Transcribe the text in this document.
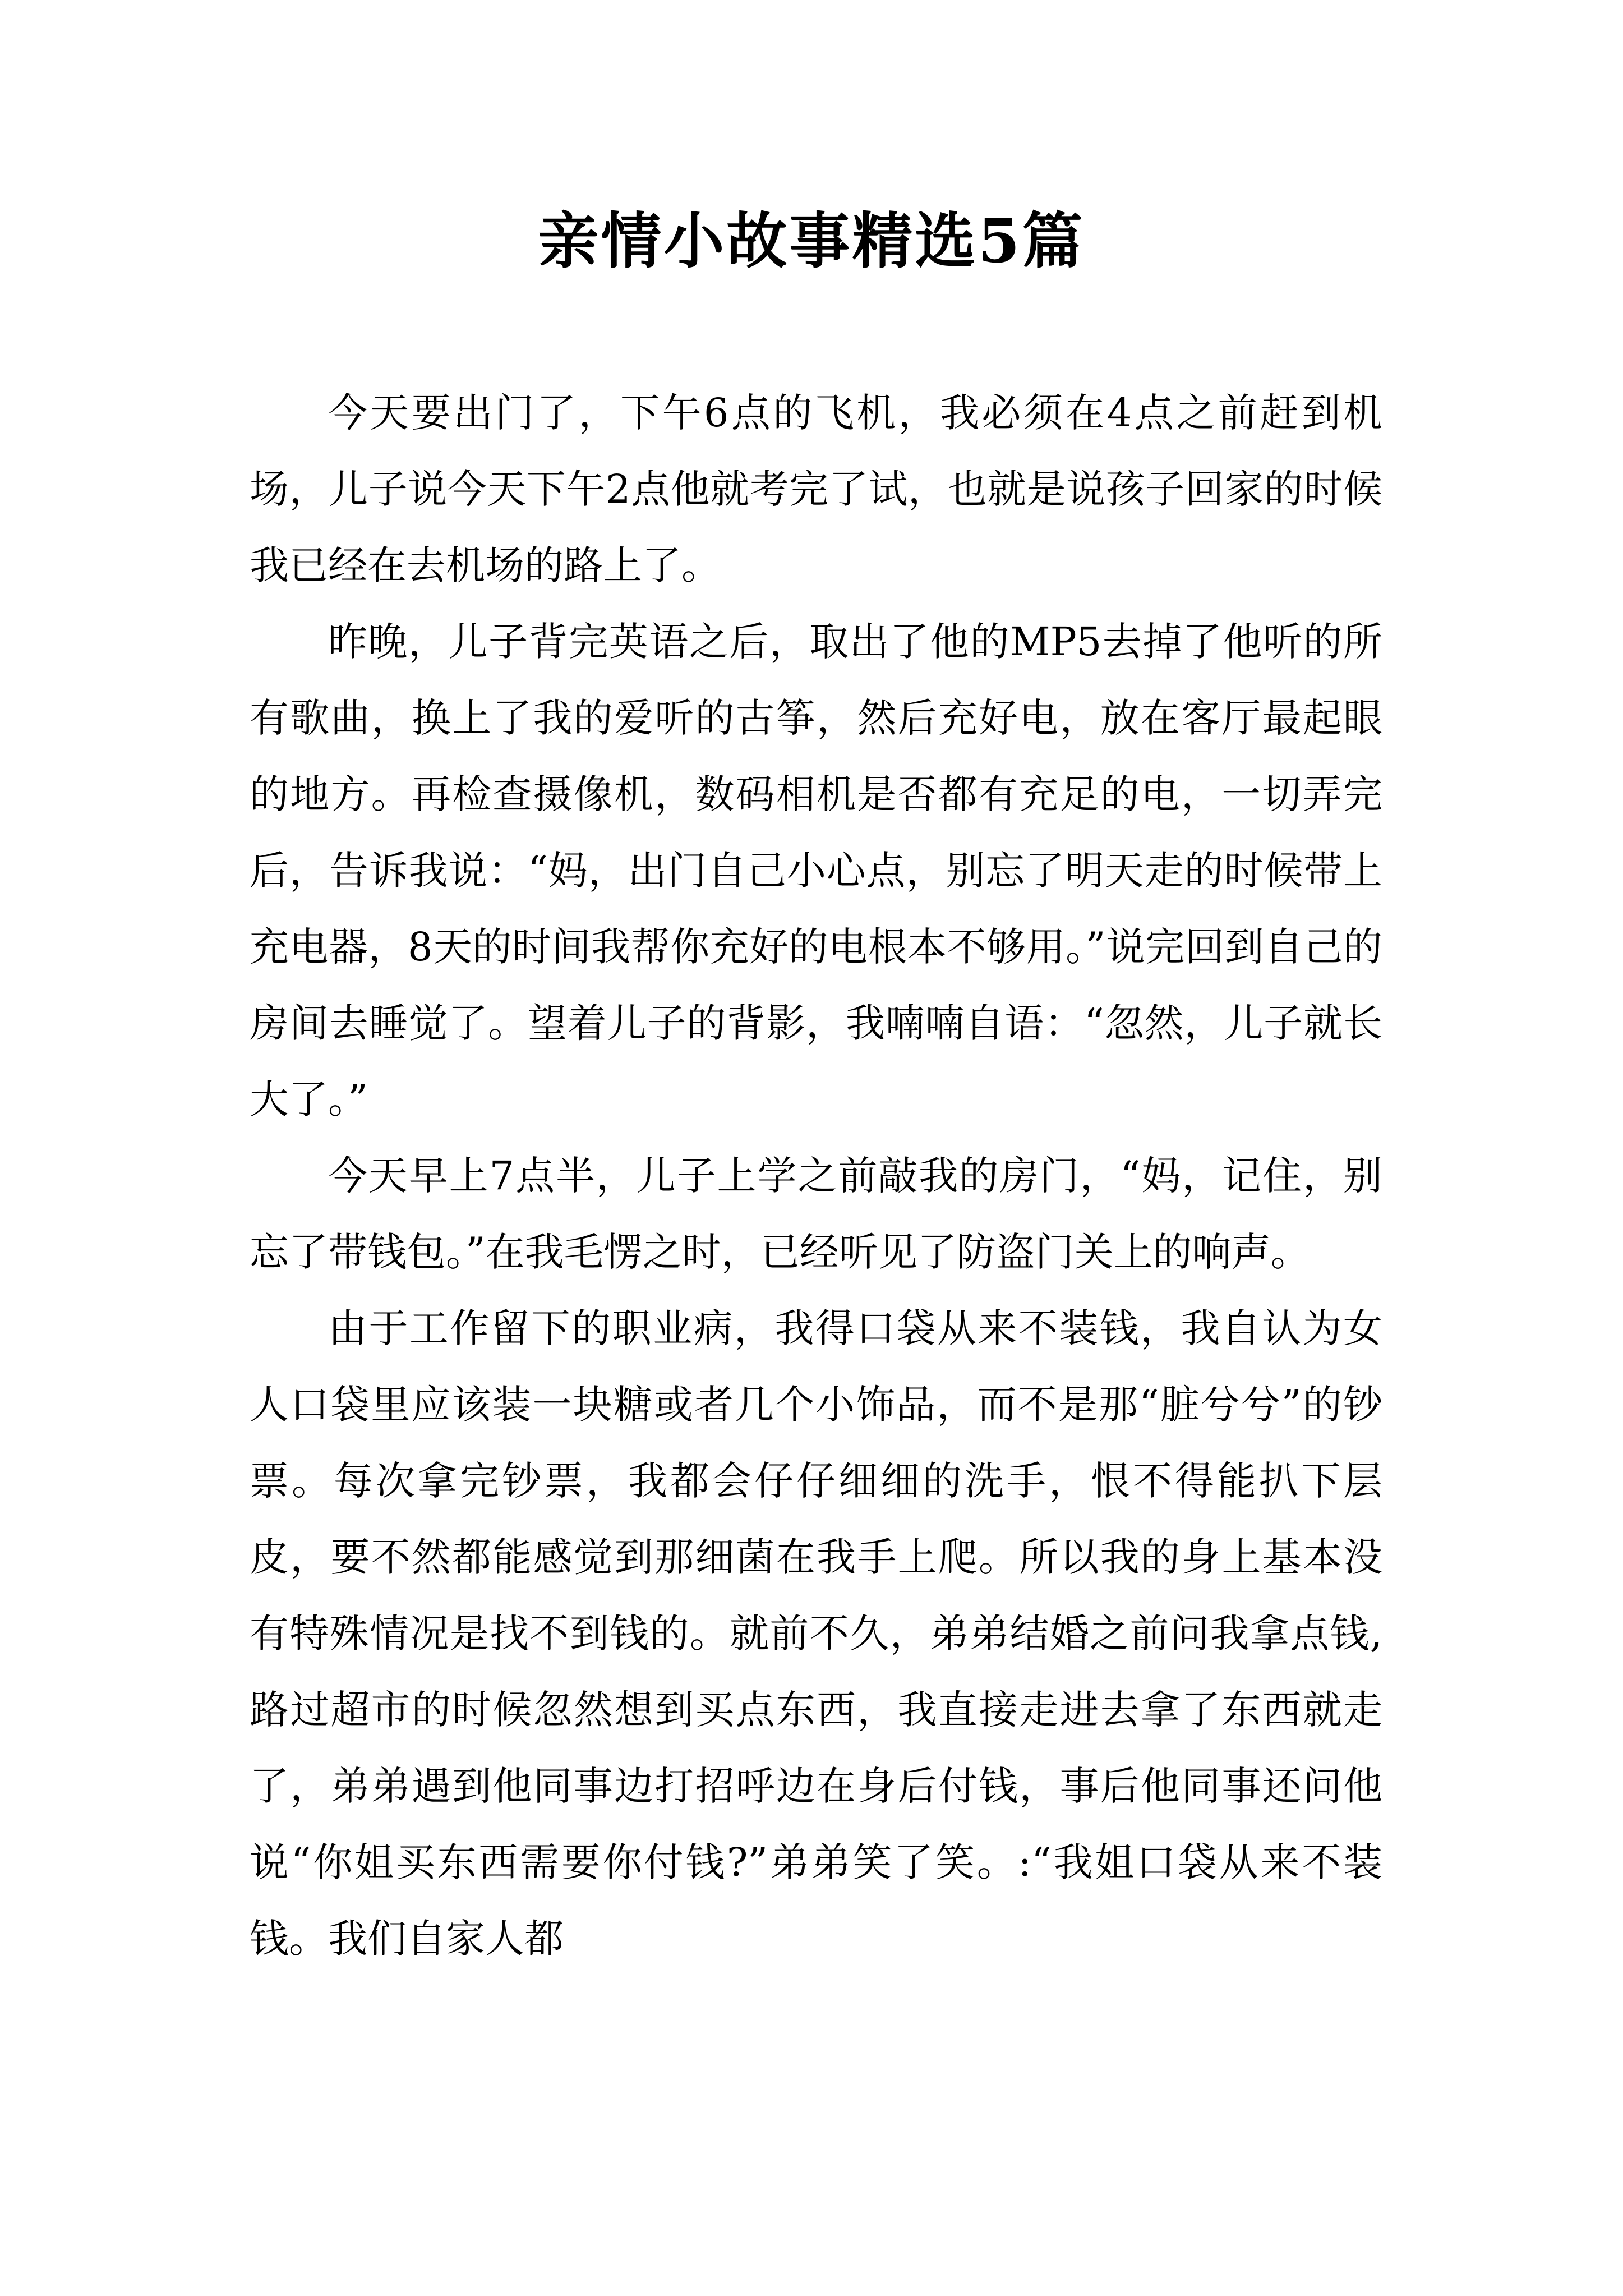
亲情小故事精选5篇

今天要出门了，下午6点的飞机，我必须在4点之前赶到机场，儿子说今天下午2点他就考完了试，也就是说孩子回家的时候我已经在去机场的路上了。

昨晚，儿子背完英语之后，取出了他的MP5去掉了他听的所有歌曲，换上了我的爱听的古筝，然后充好电，放在客厅最起眼的地方。再检查摄像机，数码相机是否都有充足的电，一切弄完后，告诉我说：“妈，出门自己小心点，别忘了明天走的时候带上充电器，8天的时间我帮你充好的电根本不够用。”说完回到自己的房间去睡觉了。望着儿子的背影，我喃喃自语：“忽然，儿子就长大了。”

今天早上7点半，儿子上学之前敲我的房门，“妈，记住，别忘了带钱包。”在我毛愣之时，已经听见了防盗门关上的响声。

由于工作留下的职业病，我得口袋从来不装钱，我自认为女人口袋里应该装一块糖或者几个小饰品，而不是那“脏兮兮”的钞票。每次拿完钞票，我都会仔仔细细的洗手，恨不得能扒下层皮，要不然都能感觉到那细菌在我手上爬。所以我的身上基本没有特殊情况是找不到钱的。就前不久，弟弟结婚之前问我拿点钱,路过超市的时候忽然想到买点东西，我直接走进去拿了东西就走了，弟弟遇到他同事边打招呼边在身后付钱，事后他同事还问他说“你姐买东西需要你付钱?”弟弟笑了笑。:“我姐口袋从来不装钱。我们自家人都
